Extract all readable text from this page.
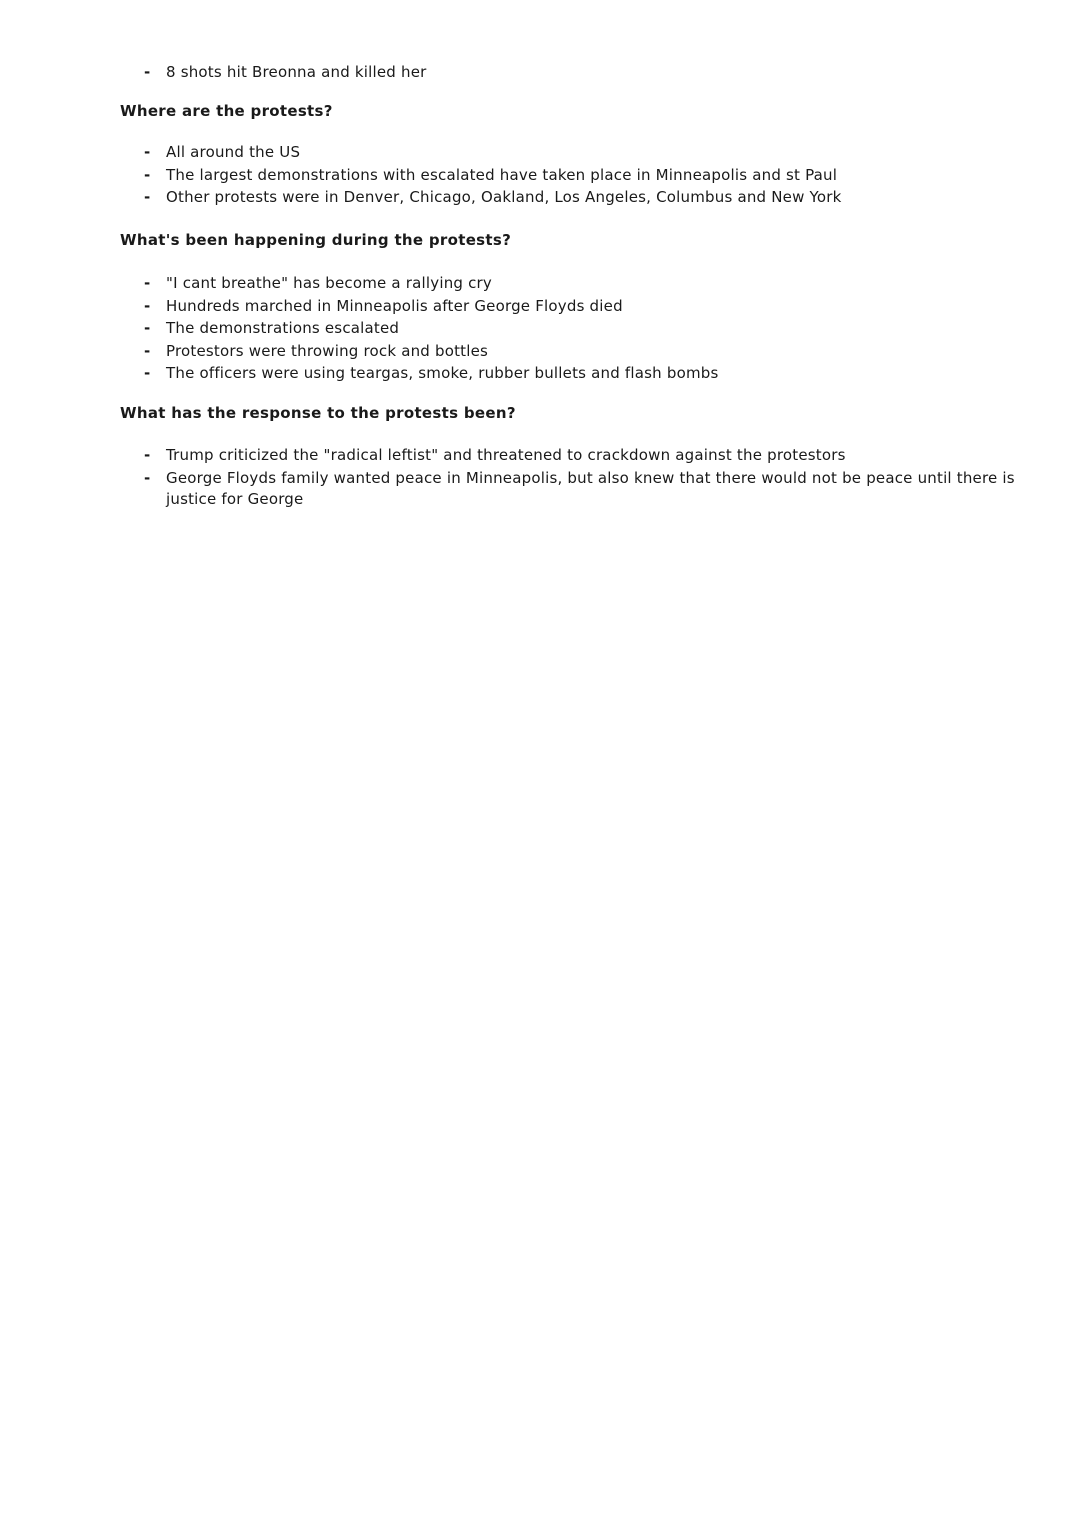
- 8 shots hit Breonna and killed her
Where are the protests?
- All around the US
- The largest demonstrations with escalated have taken place in Minneapolis and st Paul
- Other protests were in Denver, Chicago, Oakland, Los Angeles, Columbus and New York
What's been happening during the protests?
- "I cant breathe" has become a rallying cry
- Hundreds marched in Minneapolis after George Floyds died
- The demonstrations escalated
- Protestors were throwing rock and bottles
- The officers were using teargas, smoke, rubber bullets and flash bombs
What has the response to the protests been?
- Trump criticized the "radical leftist" and threatened to crackdown against the protestors
- George Floyds family wanted peace in Minneapolis, but also knew that there would not be peace until there is justice for George
